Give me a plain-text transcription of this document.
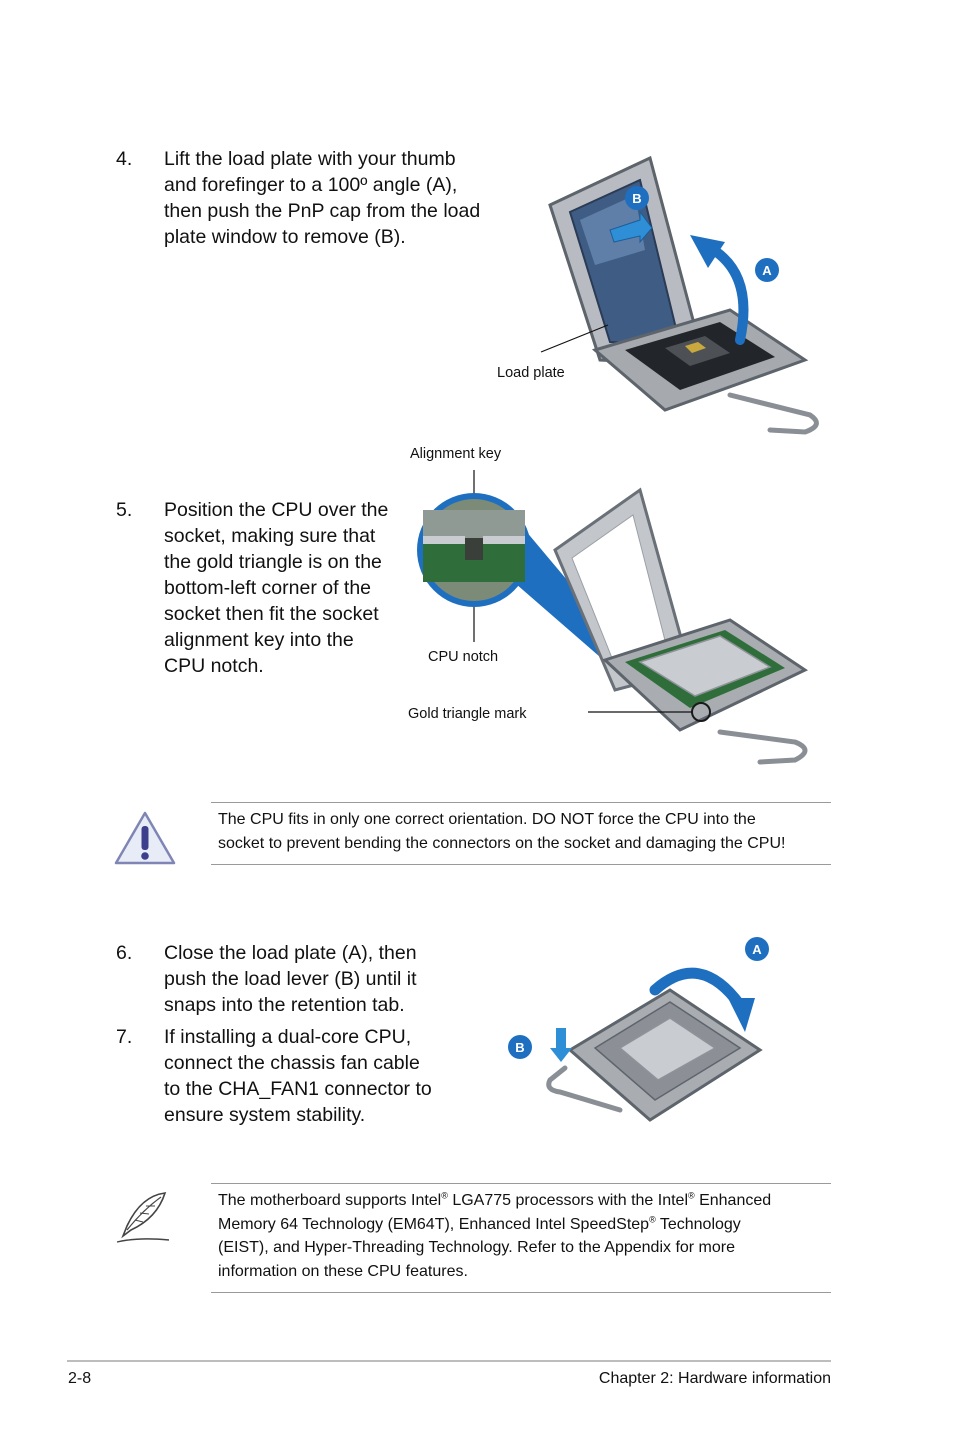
4. Lift the load plate with your thumb
and forefinger to a 100º angle (A),
then push the PnP cap from the load
plate window to remove (B).
B
A
Load plate
5. Position the CPU over the
socket, making sure that
the gold triangle is on the
bottom-left corner of the
socket then fit the socket
alignment key into the
CPU notch.
Alignment key
CPU notch
Gold triangle mark
The CPU fits in only one correct orientation. DO NOT force the CPU into the
socket to prevent bending the connectors on the socket and damaging the CPU!
6. Close the load plate (A), then
push the load lever (B) until it
snaps into the retention tab.
7. If installing a dual-core CPU,
connect the chassis fan cable
to the CHA_FAN1 connector to
ensure system stability.
A
B
The motherboard supports Intel® LGA775 processors with the Intel® Enhanced
Memory 64 Technology (EM64T), Enhanced Intel SpeedStep® Technology
(EIST), and Hyper-Threading Technology. Refer to the Appendix for more
information on these CPU features.
2-8	Chapter 2: Hardware information
